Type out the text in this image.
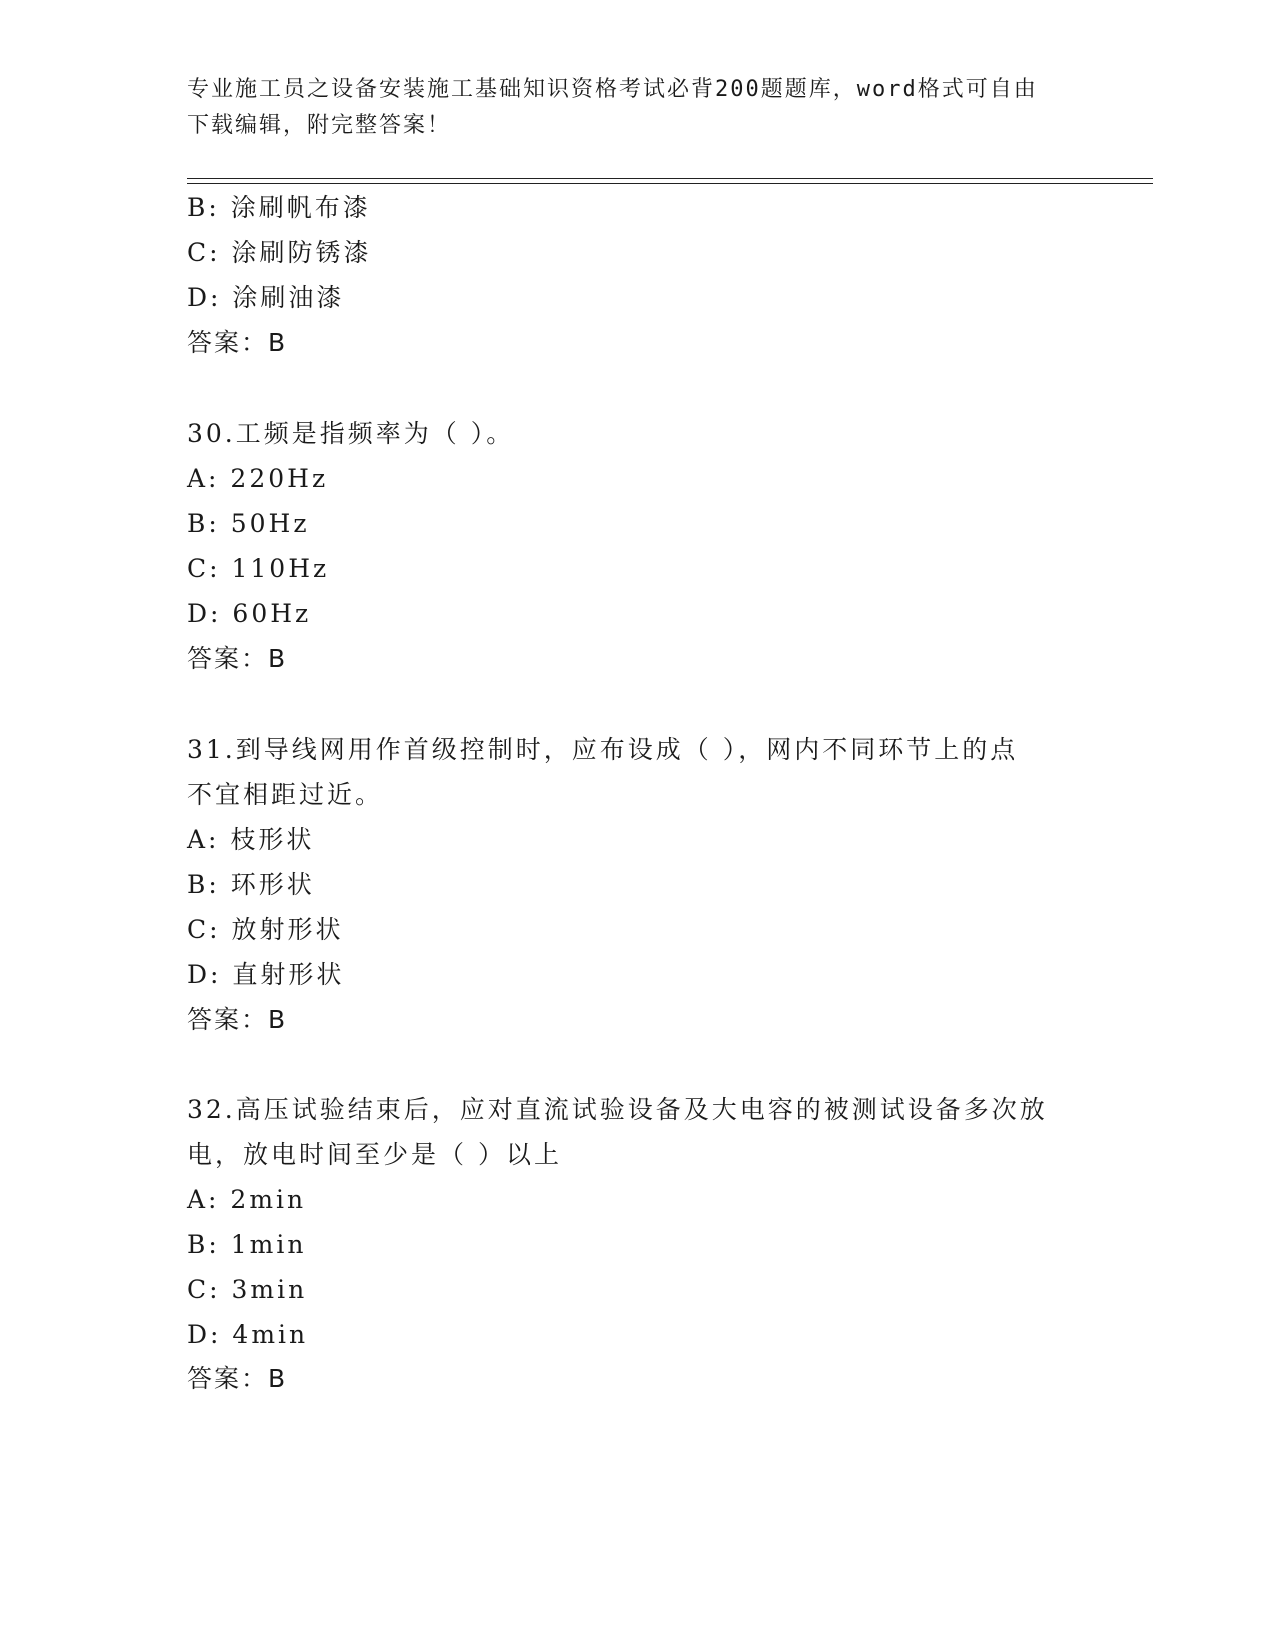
专业施工员之设备安装施工基础知识资格考试必背200题题库，word格式可自由
下载编辑，附完整答案！
B: 涂刷帆布漆
C: 涂刷防锈漆
D: 涂刷油漆
答案：B
30.工频是指频率为（ ）。
A: 220Hz
B: 50Hz
C: 110Hz
D: 60Hz
答案：B
31.到导线网用作首级控制时，应布设成（ ），网内不同环节上的点
不宜相距过近。
A: 枝形状
B: 环形状
C: 放射形状
D: 直射形状
答案：B
32.高压试验结束后，应对直流试验设备及大电容的被测试设备多次放
电，放电时间至少是（ ）以上
A: 2min
B: 1min
C: 3min
D: 4min
答案：B
